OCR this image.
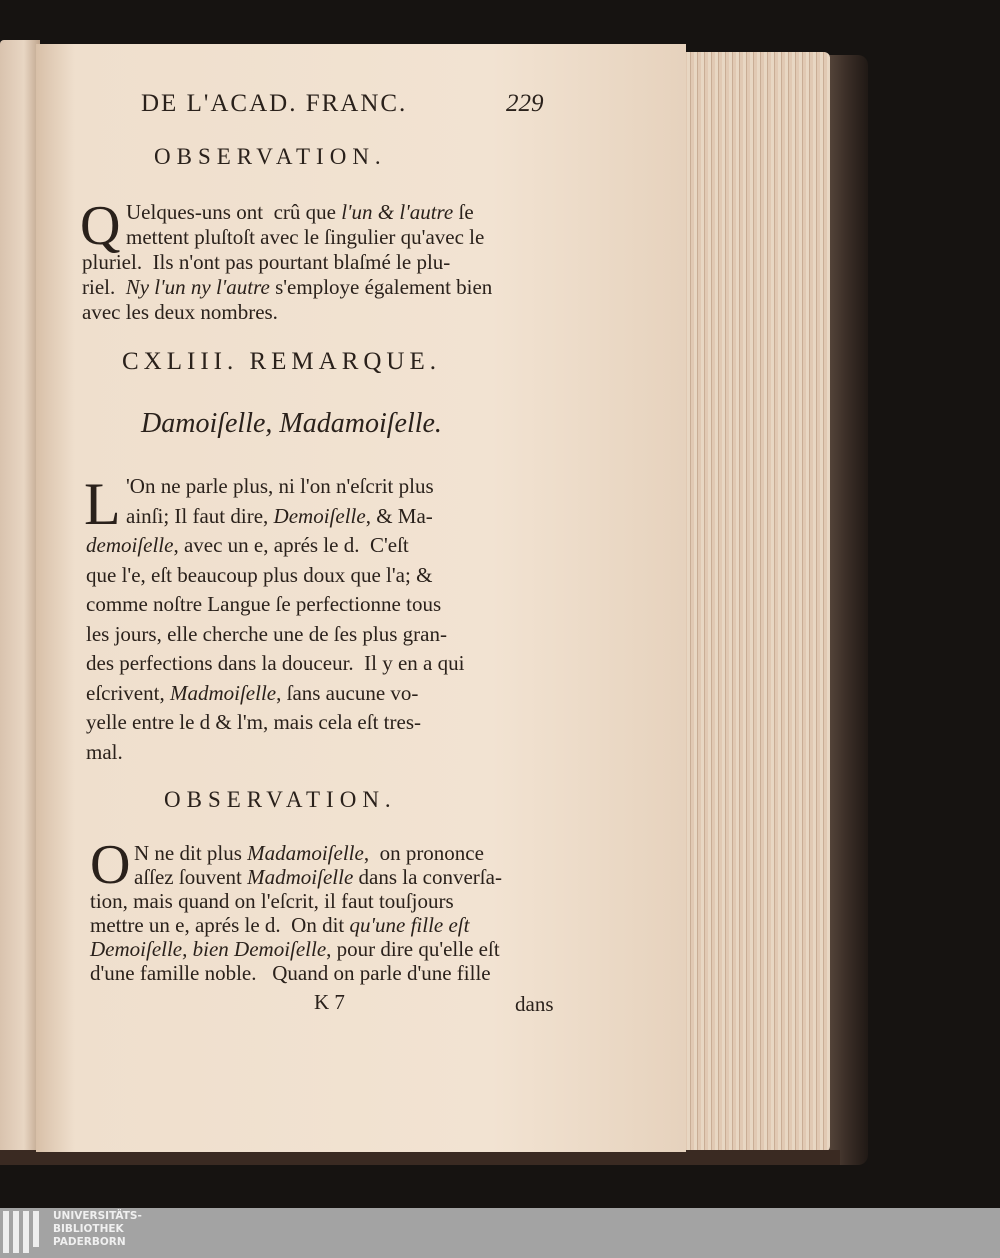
DE L'ACAD. FRANC.	229
OBSERVATION.
Q Uelques-uns ont  crû que l'un & l'autre ſe
mettent pluſtoſt avec le ſingulier qu'avec le
pluriel.  Ils n'ont pas pourtant blaſmé le plu-
riel.  Ny l'un ny l'autre s'employe également bien
avec les deux nombres.
CXLIII. REMARQUE.
Damoiſelle, Madamoiſelle.
L 'On ne parle plus, ni l'on n'eſcrit plus
ainſi; Il faut dire, Demoiſelle, & Ma-
demoiſelle, avec un e, aprés le d.  C'eſt
que l'e, eſt beaucoup plus doux que l'a; &
comme noſtre Langue ſe perfectionne tous
les jours, elle cherche une de ſes plus gran-
des perfections dans la douceur.  Il y en a qui
eſcrivent, Madmoiſelle, ſans aucune vo-
yelle entre le d & l'm, mais cela eſt tres-
mal.
OBSERVATION.
O N ne dit plus Madamoiſelle,  on prononce
aſſez ſouvent Madmoiſelle dans la converſa-
tion, mais quand on l'eſcrit, il faut touſjours
mettre un e, aprés le d.  On dit qu'une fille eſt
Demoiſelle, bien Demoiſelle, pour dire qu'elle eſt
d'une famille noble.   Quand on parle d'une fille
K 7	dans
UNIVERSITÄTS-
BIBLIOTHEK
PADERBORN
